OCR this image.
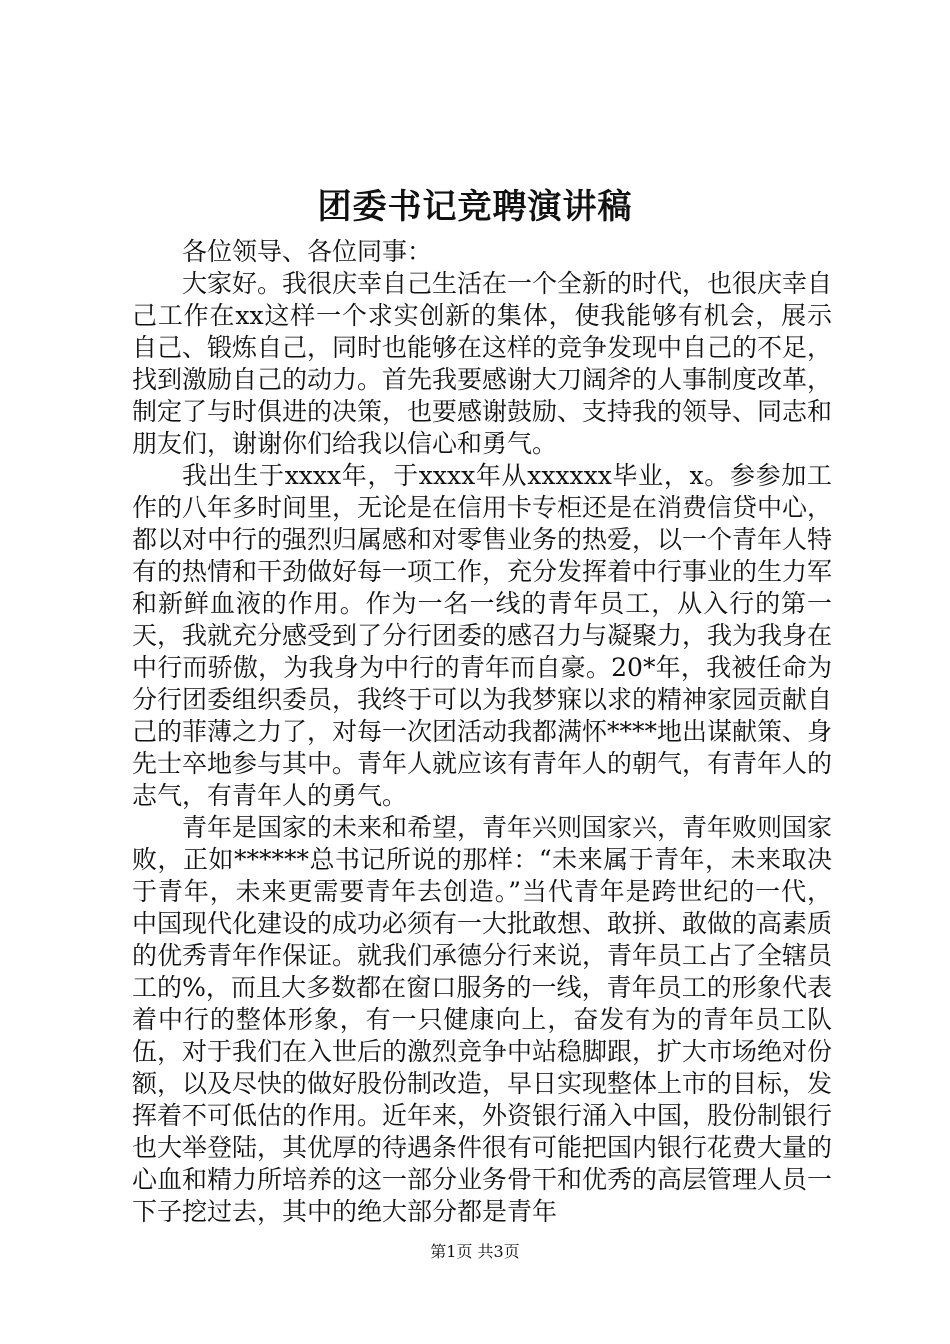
团委书记竞聘演讲稿

各位领导、各位同事：

大家好。我很庆幸自己生活在一个全新的时代，也很庆幸自己工作在xx这样一个求实创新的集体，使我能够有机会，展示自己、锻炼自己，同时也能够在这样的竞争发现中自己的不足，找到激励自己的动力。首先我要感谢大刀阔斧的人事制度改革，制定了与时俱进的决策，也要感谢鼓励、支持我的领导、同志和朋友们，谢谢你们给我以信心和勇气。

我出生于xxxx年，于xxxx年从xxxxxx毕业，x。参参加工作的八年多时间里，无论是在信用卡专柜还是在消费信贷中心，都以对中行的强烈归属感和对零售业务的热爱，以一个青年人特有的热情和干劲做好每一项工作，充分发挥着中行事业的生力军和新鲜血液的作用。作为一名一线的青年员工，从入行的第一天，我就充分感受到了分行团委的感召力与凝聚力，我为我身在中行而骄傲，为我身为中行的青年而自豪。20*年，我被任命为分行团委组织委员，我终于可以为我梦寐以求的精神家园贡献自己的菲薄之力了，对每一次团活动我都满怀****地出谋献策、身先士卒地参与其中。青年人就应该有青年人的朝气，有青年人的志气，有青年人的勇气。

青年是国家的未来和希望，青年兴则国家兴，青年败则国家败，正如******总书记所说的那样：“未来属于青年，未来取决于青年，未来更需要青年去创造。”当代青年是跨世纪的一代，中国现代化建设的成功必须有一大批敢想、敢拼、敢做的高素质的优秀青年作保证。就我们承德分行来说，青年员工占了全辖员工的%，而且大多数都在窗口服务的一线，青年员工的形象代表着中行的整体形象，有一只健康向上，奋发有为的青年员工队伍，对于我们在入世后的激烈竞争中站稳脚跟，扩大市场绝对份额，以及尽快的做好股份制改造，早日实现整体上市的目标，发挥着不可低估的作用。近年来，外资银行涌入中国，股份制银行也大举登陆，其优厚的待遇条件很有可能把国内银行花费大量的心血和精力所培养的这一部分业务骨干和优秀的高层管理人员一下子挖过去，其中的绝大部分都是青年

第1页 共3页
